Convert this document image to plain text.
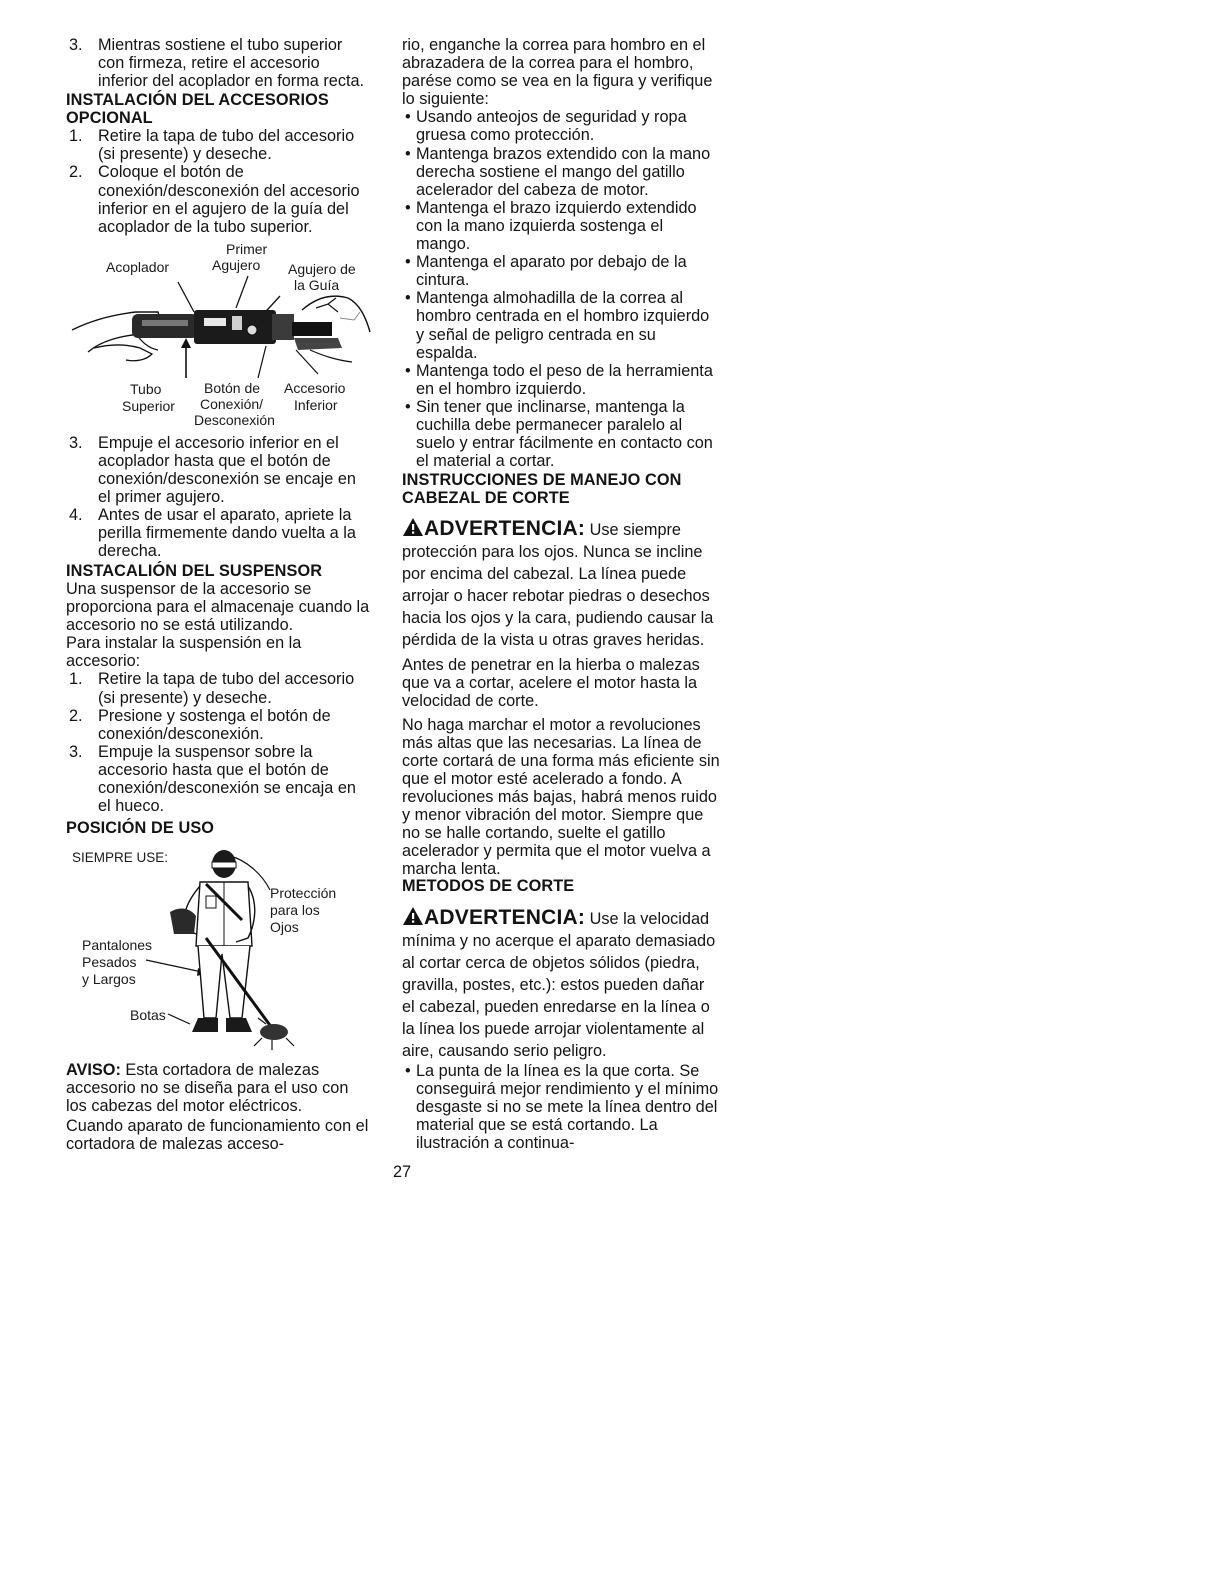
3. Mientras sostiene el tubo superior con firmeza, retire el accesorio inferior del acoplador en forma recta.
INSTALACIÓN DEL ACCESORIOS OPCIONAL
1. Retire la tapa de tubo del accesorio (si presente) y deseche.
2. Coloque el botón de conexión/desconexión del accesorio inferior en el agujero de la guía del acoplador de la tubo superior.
Primer
Acoplador	Agujero Agujero de
la Guía
Tubo
Superior
Botón de
Conexión/
Desconexión
Accesorio
Inferior
3. Empuje el accesorio inferior en el acoplador hasta que el botón de conexión/desconexión se encaje en el primer agujero.
4. Antes de usar el aparato, apriete la perilla firmemente dando vuelta a la derecha.
INSTACALIÓN DEL SUSPENSOR

Una suspensor de la accesorio se proporciona para el almacenaje cuando la accesorio no se está utilizando.

Para instalar la suspensión en la accesorio:

1. Retire la tapa de tubo del accesorio (si presente) y deseche.
2. Presione y sostenga el botón de conexión/desconexión.
3. Empuje la suspensor sobre la accesorio hasta que el botón de conexión/desconexión se encaja en el hueco.
POSICIÓN DE USO
SIEMPRE USE:
Protección
para los
Ojos
Pantalones
Pesados
y Largos
Botas

AVISO: Esta cortadora de malezas accesorio no se diseña para el uso con los cabezas del motor eléctricos.

Cuando aparato de funcionamiento con el cortadora de malezas acceso-

rio, enganche la correa para hombro en el abrazadera de la correa para el hombro, parése como se vea en la figura y verifique lo siguiente:

• Usando anteojos de seguridad y ropa gruesa como protección.
• Mantenga brazos extendido con la mano derecha sostiene el mango del gatillo acelerador del cabeza de motor.
• Mantenga el brazo izquierdo extendido con la mano izquierda sostenga el mango.
• Mantenga el aparato por debajo de la cintura.
• Mantenga almohadilla de la correa al hombro centrada en el hombro izquierdo y señal de peligro centrada en su espalda.
• Mantenga todo el peso de la herramienta en el hombro izquierdo.
• Sin tener que inclinarse, mantenga la cuchilla debe permanecer paralelo al suelo y entrar fácilmente en contacto con el material a cortar.
INSTRUCCIONES DE MANEJO CON CABEZAL DE CORTE

ADVERTENCIA: Use siempre protección para los ojos. Nunca se incline por encima del cabezal. La línea puede arrojar o hacer rebotar piedras o desechos hacia los ojos y la cara, pudiendo causar la pérdida de la vista u otras graves heridas.

Antes de penetrar en la hierba o malezas que va a cortar, acelere el motor hasta la velocidad de corte.

No haga marchar el motor a revoluciones más altas que las necesarias. La línea de corte cortará de una forma más eficiente sin que el motor esté acelerado a fondo. A revoluciones más bajas, habrá menos ruido y menor vibración del motor. Siempre que no se halle cortando, suelte el gatillo acelerador y permita que el motor vuelva a marcha lenta.

METODOS DE CORTE

ADVERTENCIA: Use la velocidad mínima y no acerque el aparato demasiado al cortar cerca de objetos sólidos (piedra, gravilla, postes, etc.): estos pueden dañar el cabezal, pueden enredarse en la línea o la línea los puede arrojar violentamente al aire, causando serio peligro.

• La punta de la línea es la que corta. Se conseguirá mejor rendimiento y el mínimo desgaste si no se mete la línea dentro del material que se está cortando. La ilustración a continua-
27
